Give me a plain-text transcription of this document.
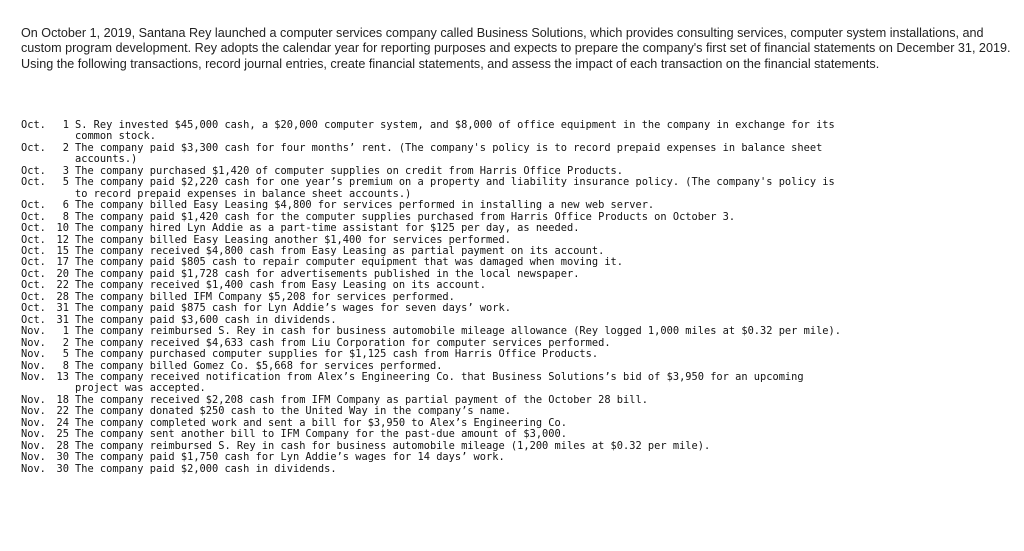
On October 1, 2019, Santana Rey launched a computer services company called Business Solutions, which provides consulting services, computer system installations, and custom program development. Rey adopts the calendar year for reporting purposes and expects to prepare the company's first set of financial statements on December 31, 2019.

Using the following transactions, record journal entries, create financial statements, and assess the impact of each transaction on the financial statements.

Oct.	1 S. Rey invested $45,000 cash, a $20,000 computer system, and $8,000 of office equipment in the company in exchange for its common stock.
Oct.	2 The company paid $3,300 cash for four months’ rent. (The company's policy is to record prepaid expenses in balance sheet accounts.)
Oct.	3 The company purchased $1,420 of computer supplies on credit from Harris Office Products.
Oct.	5 The company paid $2,220 cash for one year’s premium on a property and liability insurance policy. (The company's policy is to record prepaid expenses in balance sheet accounts.)
Oct.	6 The company billed Easy Leasing $4,800 for services performed in installing a new web server.
Oct.	8 The company paid $1,420 cash for the computer supplies purchased from Harris Office Products on October 3.
Oct.	10 The company hired Lyn Addie as a part-time assistant for $125 per day, as needed.
Oct.	12 The company billed Easy Leasing another $1,400 for services performed.
Oct.	15 The company received $4,800 cash from Easy Leasing as partial payment on its account.
Oct.	17 The company paid $805 cash to repair computer equipment that was damaged when moving it.
Oct.	20 The company paid $1,728 cash for advertisements published in the local newspaper.
Oct.	22 The company received $1,400 cash from Easy Leasing on its account.
Oct.	28 The company billed IFM Company $5,208 for services performed.
Oct.	31 The company paid $875 cash for Lyn Addie’s wages for seven days’ work.
Oct.	31 The company paid $3,600 cash in dividends.
Nov.	1 The company reimbursed S. Rey in cash for business automobile mileage allowance (Rey logged 1,000 miles at $0.32 per mile).
Nov.	2 The company received $4,633 cash from Liu Corporation for computer services performed.
Nov.	5 The company purchased computer supplies for $1,125 cash from Harris Office Products.
Nov.	8 The company billed Gomez Co. $5,668 for services performed.
Nov.	13 The company received notification from Alex’s Engineering Co. that Business Solutions’s bid of $3,950 for an upcoming project was accepted.
Nov.	18 The company received $2,208 cash from IFM Company as partial payment of the October 28 bill.
Nov.	22 The company donated $250 cash to the United Way in the company’s name.
Nov.	24 The company completed work and sent a bill for $3,950 to Alex’s Engineering Co.
Nov.	25 The company sent another bill to IFM Company for the past-due amount of $3,000.
Nov.	28 The company reimbursed S. Rey in cash for business automobile mileage (1,200 miles at $0.32 per mile).
Nov.	30 The company paid $1,750 cash for Lyn Addie’s wages for 14 days’ work.
Nov.	30 The company paid $2,000 cash in dividends.
